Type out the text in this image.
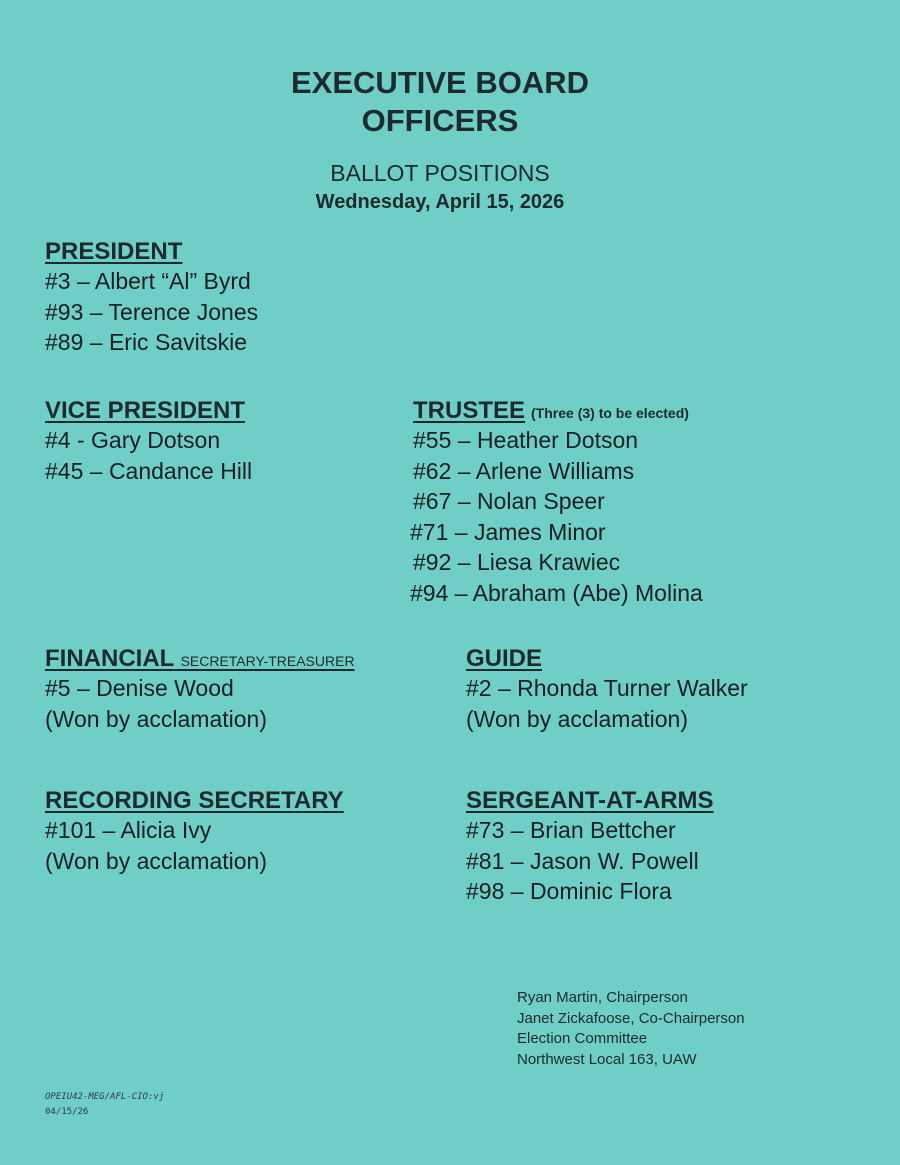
EXECUTIVE BOARD
OFFICERS
BALLOT POSITIONS
Wednesday, April 15, 2026
PRESIDENT
#3 – Albert “Al” Byrd
#93 – Terence Jones
#89 – Eric Savitskie
VICE PRESIDENT
#4 - Gary Dotson
#45 – Candance Hill
TRUSTEE (Three (3) to be elected)
#55 – Heather Dotson
#62 – Arlene Williams
#67 – Nolan Speer
#71 – James Minor
#92 – Liesa Krawiec
#94 – Abraham (Abe) Molina
FINANCIAL SECRETARY-TREASURER
#5 – Denise Wood
(Won by acclamation)
GUIDE
#2 – Rhonda Turner Walker
(Won by acclamation)
RECORDING SECRETARY
#101 – Alicia Ivy
(Won by acclamation)
SERGEANT-AT-ARMS
#73 – Brian Bettcher
#81 – Jason W. Powell
#98 – Dominic Flora
Ryan Martin, Chairperson
Janet Zickafoose, Co-Chairperson
Election Committee
Northwest Local 163, UAW
OPEIU42-MEG/AFL-CIO:vj
04/15/26
